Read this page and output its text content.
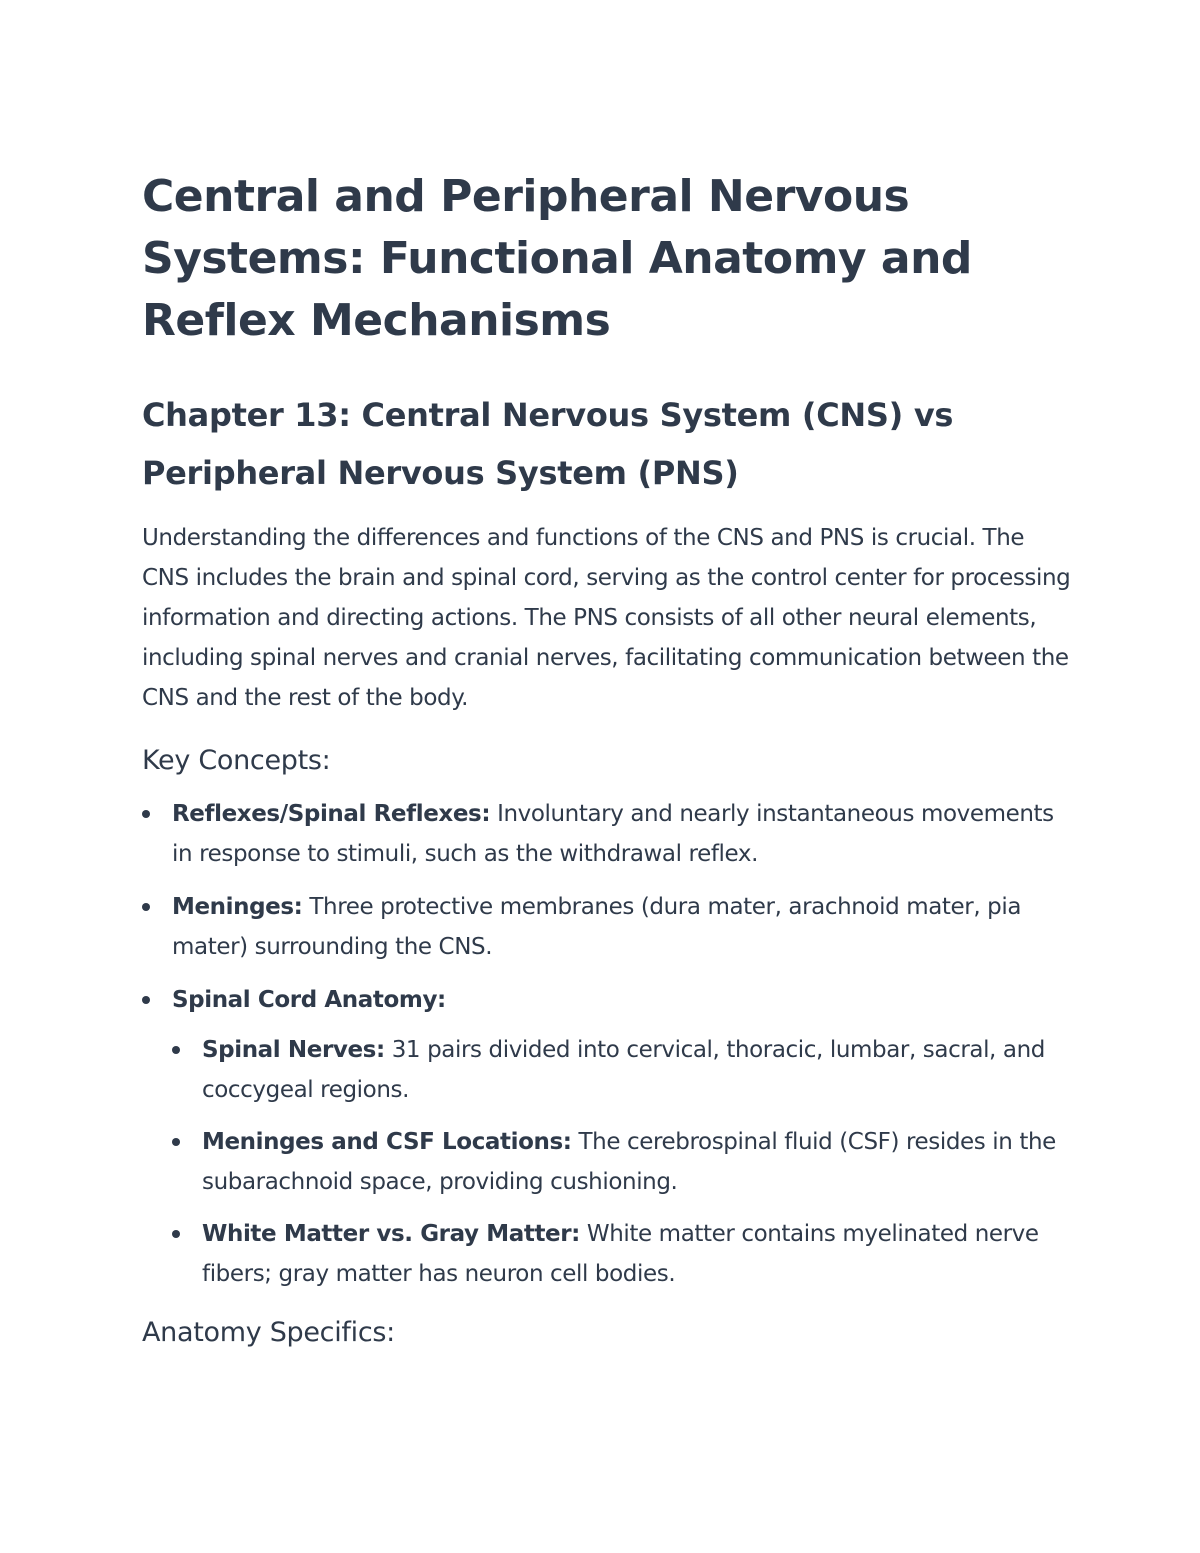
Central and Peripheral Nervous Systems: Functional Anatomy and Reflex Mechanisms
Chapter 13: Central Nervous System (CNS) vs Peripheral Nervous System (PNS)

Understanding the differences and functions of the CNS and PNS is crucial. The CNS includes the brain and spinal cord, serving as the control center for processing information and directing actions. The PNS consists of all other neural elements, including spinal nerves and cranial nerves, facilitating communication between the CNS and the rest of the body.

Key Concepts:
Reflexes/Spinal Reflexes: Involuntary and nearly instantaneous movements in response to stimuli, such as the withdrawal reflex.
Meninges: Three protective membranes (dura mater, arachnoid mater, pia mater) surrounding the CNS.
Spinal Cord Anatomy:
Spinal Nerves: 31 pairs divided into cervical, thoracic, lumbar, sacral, and coccygeal regions.
Meninges and CSF Locations: The cerebrospinal fluid (CSF) resides in the subarachnoid space, providing cushioning.
White Matter vs. Gray Matter: White matter contains myelinated nerve fibers; gray matter has neuron cell bodies.
Anatomy Specifics:
